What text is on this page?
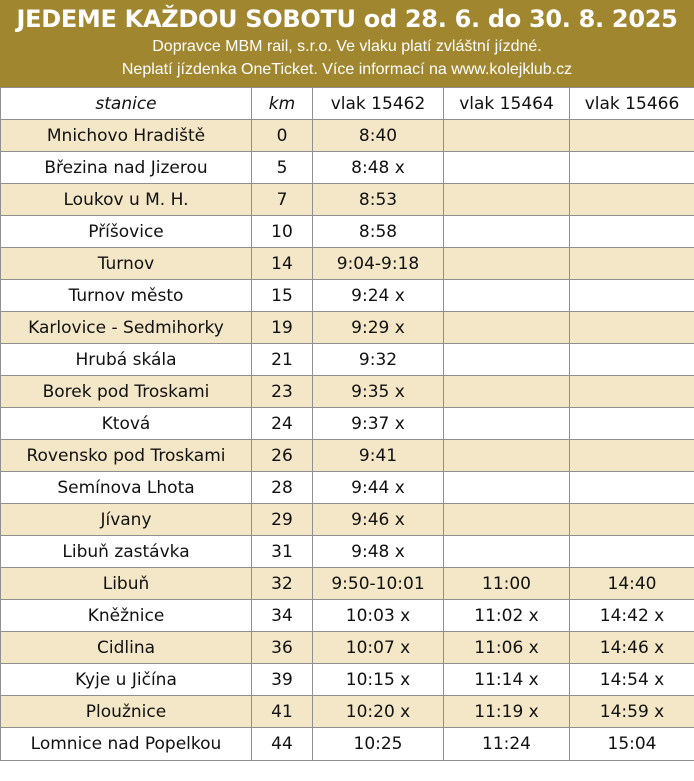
JEDEME KAŽDOU SOBOTU od 28. 6. do 30. 8. 2025
Dopravce MBM rail, s.r.o. Ve vlaku platí zvláštní jízdné.
Neplatí jízdenka OneTicket. Více informací na www.kolejklub.cz
stanice	km	vlak 15462	vlak 15464	vlak 15466
Mnichovo Hradiště	0	8:40		
Březina nad Jizerou	5	8:48 x		
Loukov u M. H.	7	8:53		
Příšovice	10	8:58		
Turnov	14	9:04-9:18		
Turnov město	15	9:24 x		
Karlovice - Sedmihorky	19	9:29 x		
Hrubá skála	21	9:32		
Borek pod Troskami	23	9:35 x		
Ktová	24	9:37 x		
Rovensko pod Troskami	26	9:41		
Semínova Lhota	28	9:44 x		
Jívany	29	9:46 x		
Libuň zastávka	31	9:48 x		
Libuň	32	9:50-10:01	11:00	14:40
Kněžnice	34	10:03 x	11:02 x	14:42 x
Cidlina	36	10:07 x	11:06 x	14:46 x
Kyje u Jičína	39	10:15 x	11:14 x	14:54 x
Ploužnice	41	10:20 x	11:19 x	14:59 x
Lomnice nad Popelkou	44	10:25	11:24	15:04
